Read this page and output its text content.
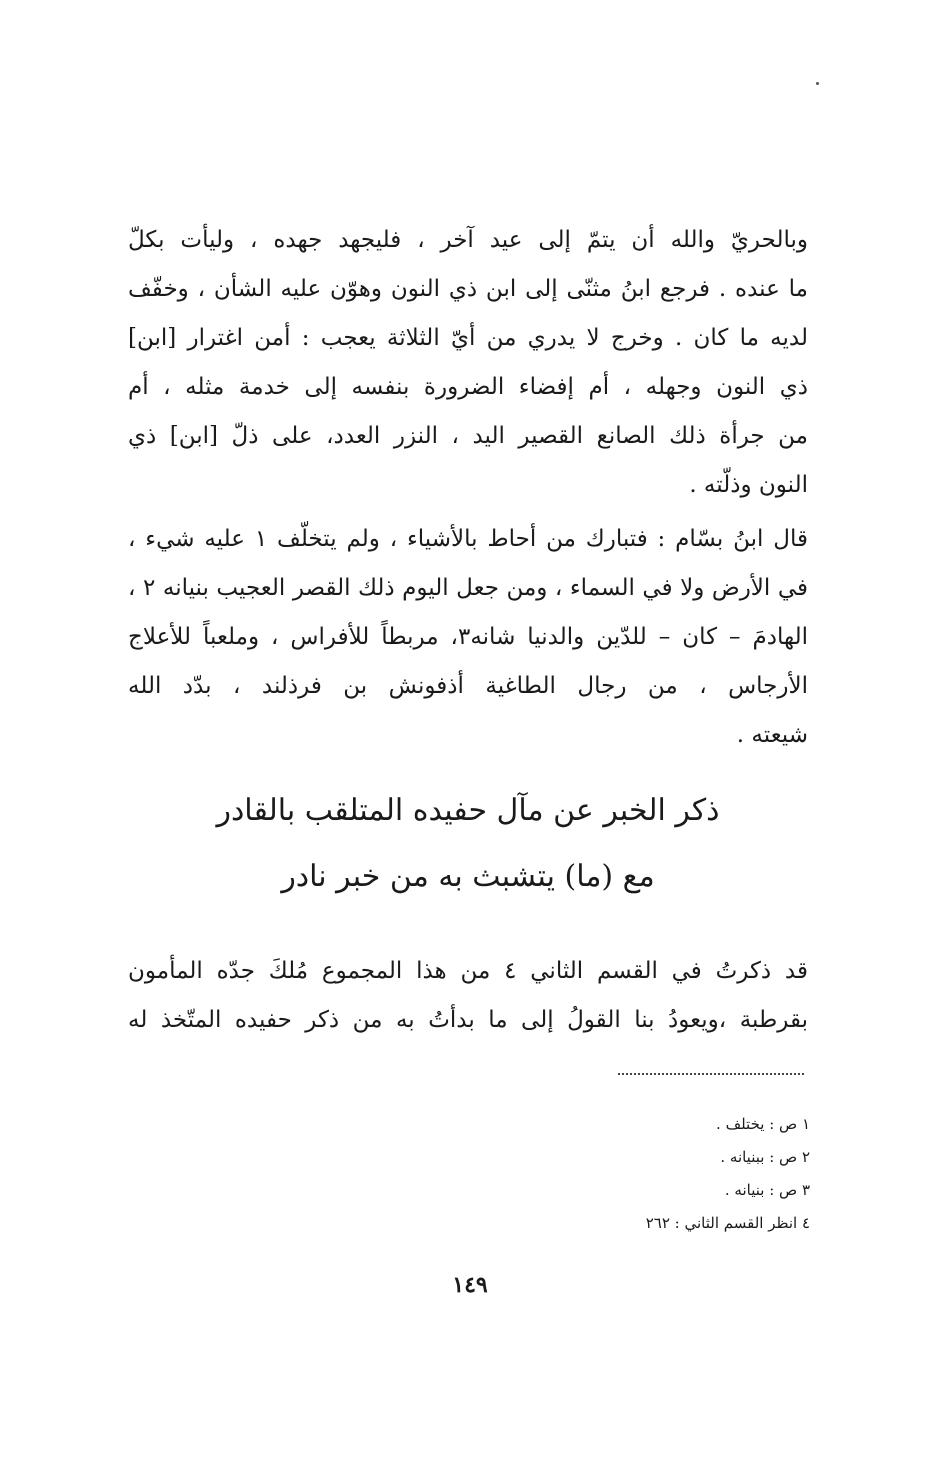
وبالحريّ والله أن يتمّ إلى عيد آخر ، فليجهد جهده ، وليأت بكلّ
ما عنده . فرجع ابنُ مثنّى إلى ابن ذي النون وهوّن عليه الشأن ، وخفّف
لديه ما كان . وخرج لا يدري من أيّ الثلاثة يعجب : أمن اغترار [ابن]
ذي النون وجهله ، أم إفضاء الضرورة بنفسه إلى خدمة مثله ، أم
من جرأة ذلك الصانع القصير اليد ، النزر العدد، على ذلّ [ابن] ذي
النون وذلّته .
قال ابنُ بسّام : فتبارك من أحاط بالأشياء ، ولم يتخلّف ١ عليه شيء ،
في الأرض ولا في السماء ، ومن جعل اليوم ذلك القصر العجيب بنيانه ٢ ،
الهادمَ – كان – للدّين والدنيا شانه٣، مربطاً للأفراس ، وملعباً للأعلاج
الأرجاس ، من رجال الطاغية أذفونش بن فرذلند ، بدّد الله
شيعته .
ذكر الخبر عن مآل حفيده المتلقب بالقادر
مع (ما) يتشبث به من خبر نادر
قد ذكرتُ في القسم الثاني ٤ من هذا المجموع مُلكَ جدّه المأمون
بقرطبة ،ويعودُ بنا القولُ إلى ما بدأتُ به من ذكر حفيده المتّخذ له
١ ص : يختلف .
٢ ص : ببنيانه .
٣ ص : بنيانه .
٤ انظر القسم الثاني : ٢٦٢
١٤٩
